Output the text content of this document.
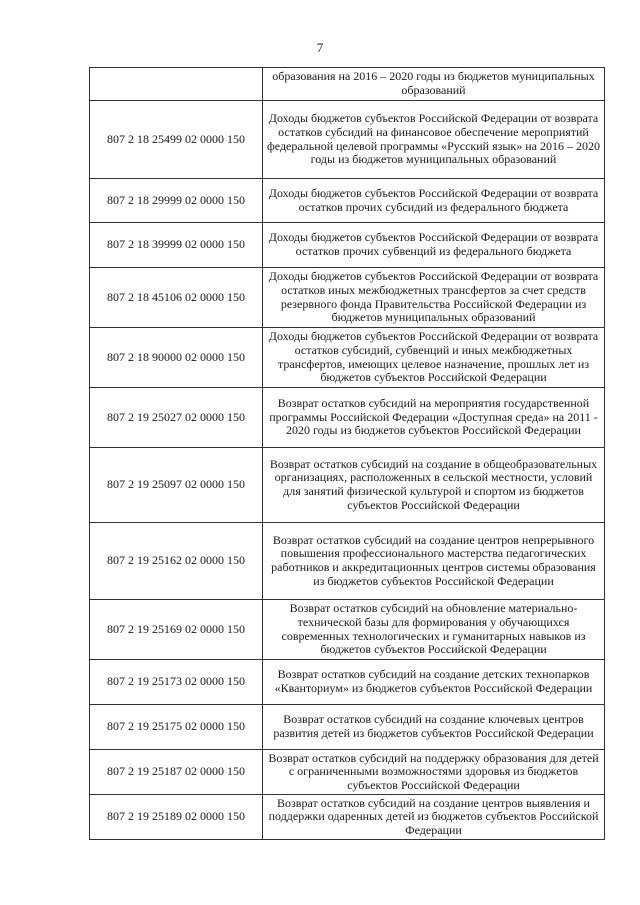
7
	образования на 2016 – 2020 годы из бюджетов муниципальных образований
807 2 18 25499 02 0000 150	Доходы бюджетов субъектов Российской Федерации от возврата остатков субсидий на финансовое обеспечение мероприятий федеральной целевой программы «Русский язык» на 2016 – 2020 годы из бюджетов муниципальных образований
807 2 18 29999 02 0000 150	Доходы бюджетов субъектов Российской Федерации от возврата остатков прочих субсидий из федерального бюджета
807 2 18 39999 02 0000 150	Доходы бюджетов субъектов Российской Федерации от возврата остатков прочих субвенций из федерального бюджета
807 2 18 45106 02 0000 150	Доходы бюджетов субъектов Российской Федерации от возврата остатков иных межбюджетных трансфертов за счет средств резервного фонда Правительства Российской Федерации из бюджетов муниципальных образований
807 2 18 90000 02 0000 150	Доходы бюджетов субъектов Российской Федерации от возврата остатков субсидий, субвенций и иных межбюджетных трансфертов, имеющих целевое назначение, прошлых лет из бюджетов субъектов Российской Федерации
807 2 19 25027 02 0000 150	Возврат остатков субсидий на мероприятия государственной программы Российской Федерации «Доступная среда» на 2011 - 2020 годы из бюджетов субъектов Российской Федерации
807 2 19 25097 02 0000 150	Возврат остатков субсидий на создание в общеобразовательных организациях, расположенных в сельской местности, условий для занятий физической культурой и спортом из бюджетов субъектов Российской Федерации
807 2 19 25162 02 0000 150	Возврат остатков субсидий на создание центров непрерывного повышения профессионального мастерства педагогических работников и аккредитационных центров системы образования из бюджетов субъектов Российской Федерации
807 2 19 25169 02 0000 150	Возврат остатков субсидий на обновление материально-технической базы для формирования у обучающихся современных технологических и гуманитарных навыков из бюджетов субъектов Российской Федерации
807 2 19 25173 02 0000 150	Возврат остатков субсидий на создание детских технопарков «Кванториум» из бюджетов субъектов Российской Федерации
807 2 19 25175 02 0000 150	Возврат остатков субсидий на создание ключевых центров развития детей из бюджетов субъектов Российской Федерации
807 2 19 25187 02 0000 150	Возврат остатков субсидий на поддержку образования для детей с ограниченными возможностями здоровья из бюджетов субъектов Российской Федерации
807 2 19 25189 02 0000 150	Возврат остатков субсидий на создание центров выявления и поддержки одаренных детей из бюджетов субъектов Российской Федерации
